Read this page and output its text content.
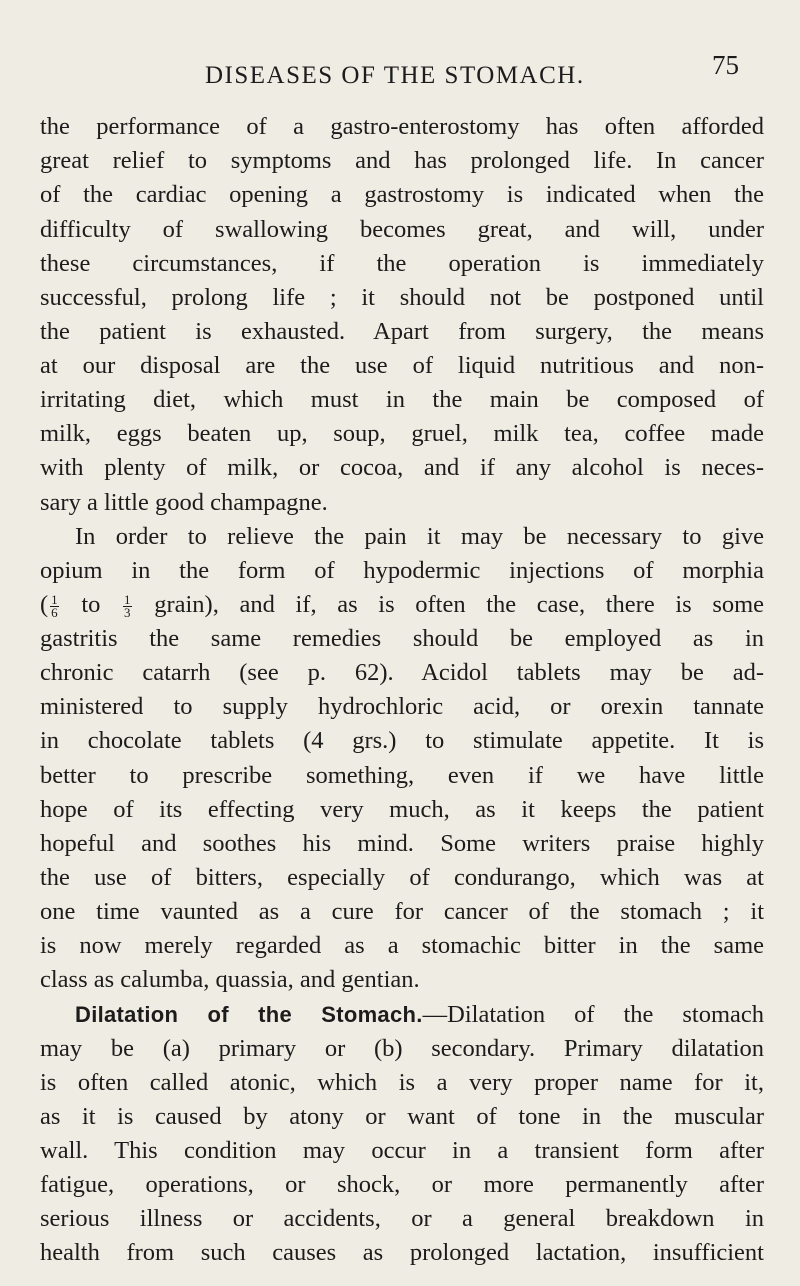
DISEASES OF THE STOMACH.	75
the performance of a gastro-enterostomy has often afforded
great relief to symptoms and has prolonged life. In cancer
of the cardiac opening a gastrostomy is indicated when the
difficulty of swallowing becomes great, and will, under
these circumstances, if the operation is immediately
successful, prolong life ; it should not be postponed until
the patient is exhausted. Apart from surgery, the means
at our disposal are the use of liquid nutritious and non-
irritating diet, which must in the main be composed of
milk, eggs beaten up, soup, gruel, milk tea, coffee made
with plenty of milk, or cocoa, and if any alcohol is neces-
sary a little good champagne.
In order to relieve the pain it may be necessary to give
opium in the form of hypodermic injections of morphia
( $\frac{1}{6}$ to $\frac{1}{3}$ grain), and if, as is often the case, there is some
gastritis the same remedies should be employed as in
chronic catarrh (see p. 62). Acidol tablets may be ad-
ministered to supply hydrochloric acid, or orexin tannate
in chocolate tablets (4 grs.) to stimulate appetite. It is
better to prescribe something, even if we have little
hope of its effecting very much, as it keeps the patient
hopeful and soothes his mind. Some writers praise highly
the use of bitters, especially of condurango, which was at
one time vaunted as a cure for cancer of the stomach ; it
is now merely regarded as a stomachic bitter in the same
class as calumba, quassia, and gentian.
Dilatation of the Stomach.—Dilatation of the stomach
may be (a) primary or (b) secondary. Primary dilatation
is often called atonic, which is a very proper name for it,
as it is caused by atony or want of tone in the muscular
wall. This condition may occur in a transient form after
fatigue, operations, or shock, or more permanently after
serious illness or accidents, or a general breakdown in
health from such causes as prolonged lactation, insufficient
